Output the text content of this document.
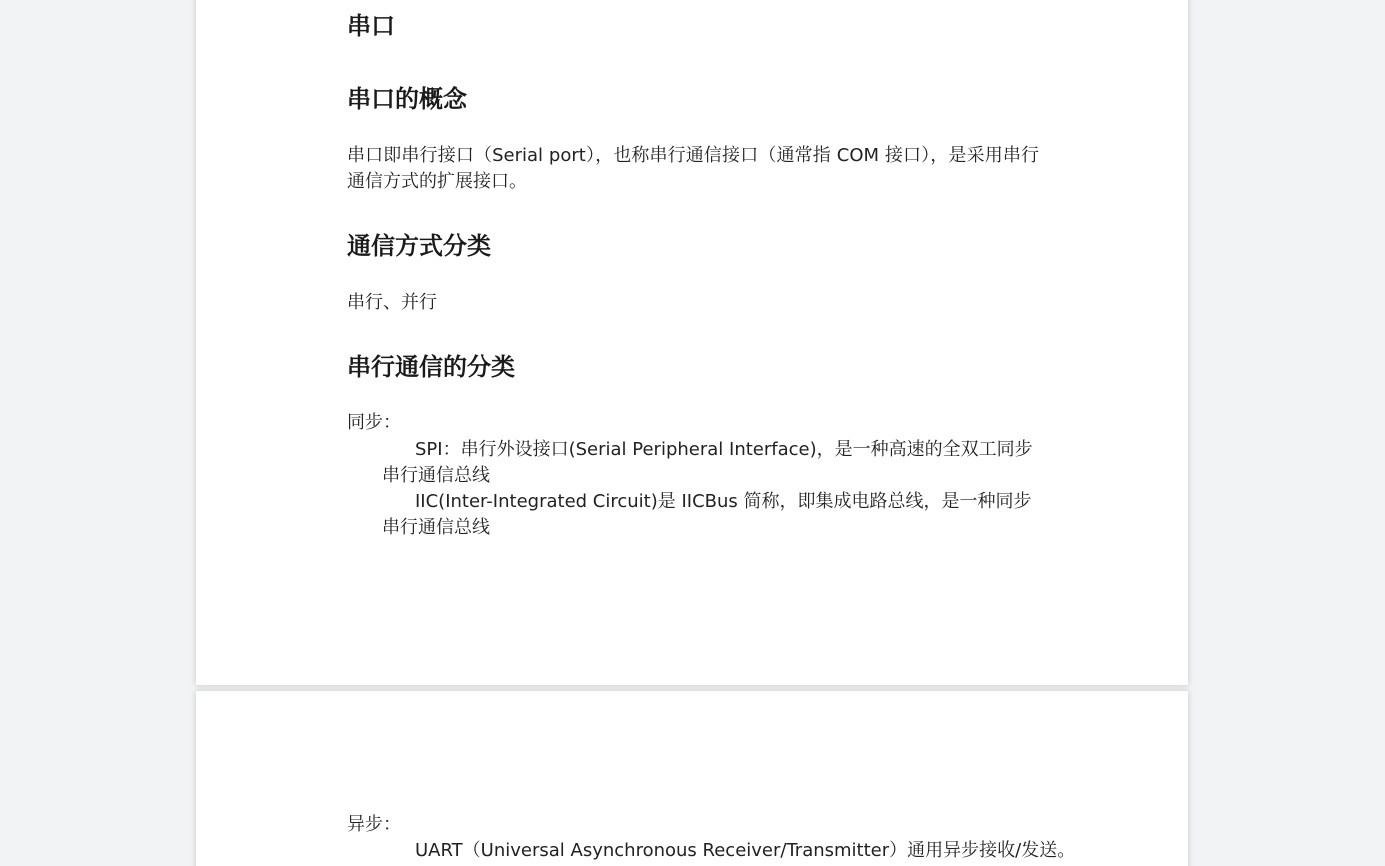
串口
串口的概念
串口即串行接口（Serial port），也称串行通信接口（通常指 COM 接口），是采用串行通信方式的扩展接口。
通信方式分类
串行、并行
串行通信的分类
同步：
SPI：串行外设接口(Serial Peripheral Interface)，是一种高速的全双工同步
串行通信总线
IIC(Inter-Integrated Circuit)是 IICBus 简称，即集成电路总线，是一种同步
串行通信总线
异步：
UART（Universal Asynchronous Receiver/Transmitter）通用异步接收/发送。
